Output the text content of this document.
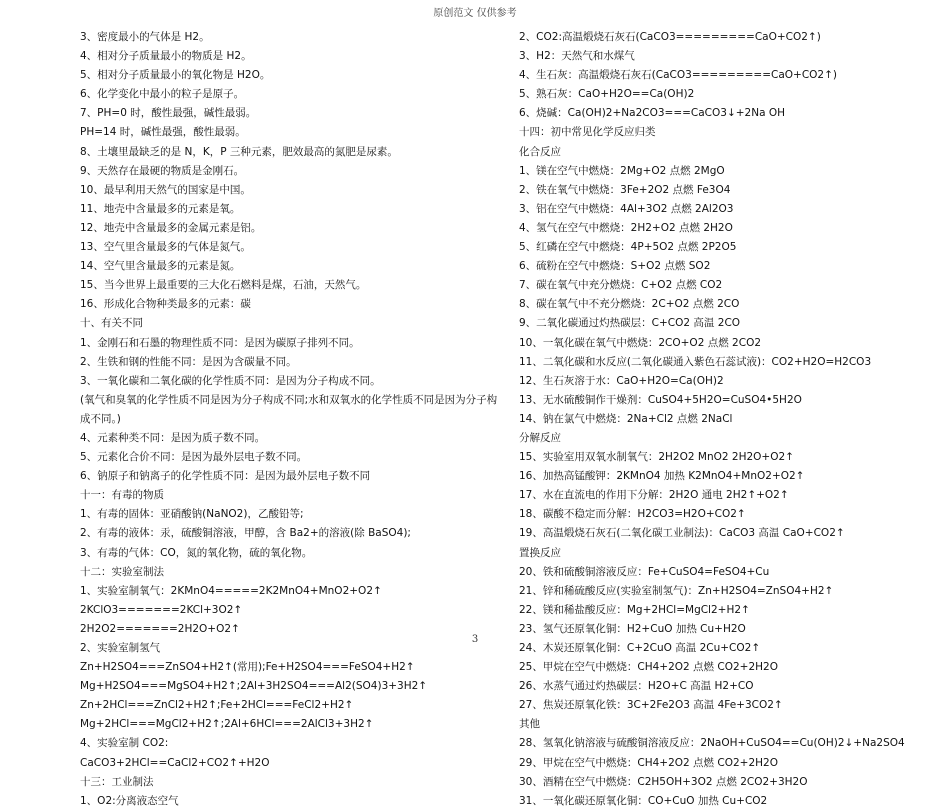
原创范文 仅供参考
3、密度最小的气体是 H2。
4、相对分子质量最小的物质是 H2。
5、相对分子质量最小的氧化物是 H2O。
6、化学变化中最小的粒子是原子。
7、PH=0 时，酸性最强，碱性最弱。
PH=14 时，碱性最强，酸性最弱。
8、土壤里最缺乏的是 N，K，P 三种元素，肥效最高的氮肥是尿素。
9、天然存在最硬的物质是金刚石。
10、最早利用天然气的国家是中国。
11、地壳中含量最多的元素是氧。
12、地壳中含量最多的金属元素是铝。
13、空气里含量最多的气体是氮气。
14、空气里含量最多的元素是氮。
15、当今世界上最重要的三大化石燃料是煤，石油，天然气。
16、形成化合物种类最多的元素：碳
十、有关不同
1、金刚石和石墨的物理性质不同：是因为碳原子排列不同。
2、生铁和钢的性能不同：是因为含碳量不同。
3、一氧化碳和二氧化碳的化学性质不同：是因为分子构成不同。
(氧气和臭氧的化学性质不同是因为分子构成不同;水和双氧水的化学性质不同是因为分子构成不同。)
4、元素种类不同：是因为质子数不同。
5、元素化合价不同：是因为最外层电子数不同。
6、钠原子和钠离子的化学性质不同：是因为最外层电子数不同
十一：有毒的物质
1、有毒的固体：亚硝酸钠(NaNO2)，乙酸铅等;
2、有毒的液体：汞，硫酸铜溶液，甲醇，含 Ba2+的溶液(除 BaSO4);
3、有毒的气体：CO，氮的氧化物，硫的氧化物。
十二：实验室制法
1、实验室制氧气：2KMnO4=====2K2MnO4+MnO2+O2↑
2KClO3=======2KCl+3O2↑
2H2O2=======2H2O+O2↑
2、实验室制氢气
Zn+H2SO4===ZnSO4+H2↑(常用);Fe+H2SO4===FeSO4+H2↑
Mg+H2SO4===MgSO4+H2↑;2Al+3H2SO4===Al2(SO4)3+3H2↑
Zn+2HCl===ZnCl2+H2↑;Fe+2HCl===FeCl2+H2↑
Mg+2HCl===MgCl2+H2↑;2Al+6HCl===2AlCl3+3H2↑
4、实验室制 CO2:
CaCO3+2HCl==CaCl2+CO2↑+H2O
十三：工业制法
1、O2:分离液态空气
2、CO2:高温煅烧石灰石(CaCO3=========CaO+CO2↑)
3、H2：天然气和水煤气
4、生石灰：高温煅烧石灰石(CaCO3=========CaO+CO2↑)
5、熟石灰：CaO+H2O==Ca(OH)2
6、烧碱：Ca(OH)2+Na2CO3===CaCO3↓+2Na OH
十四：初中常见化学反应归类
化合反应
1、镁在空气中燃烧：2Mg+O2 点燃 2MgO
2、铁在氧气中燃烧：3Fe+2O2 点燃 Fe3O4
3、铝在空气中燃烧：4Al+3O2 点燃 2Al2O3
4、氢气在空气中燃烧：2H2+O2 点燃 2H2O
5、红磷在空气中燃烧：4P+5O2 点燃 2P2O5
6、硫粉在空气中燃烧：S+O2 点燃 SO2
7、碳在氧气中充分燃烧：C+O2 点燃 CO2
8、碳在氧气中不充分燃烧：2C+O2 点燃 2CO
9、二氧化碳通过灼热碳层：C+CO2 高温 2CO
10、一氧化碳在氧气中燃烧：2CO+O2 点燃 2CO2
11、二氧化碳和水反应(二氧化碳通入紫色石蕊试液)：CO2+H2O=H2CO3
12、生石灰溶于水：CaO+H2O=Ca(OH)2
13、无水硫酸铜作干燥剂：CuSO4+5H2O=CuSO4•5H2O
14、钠在氯气中燃烧：2Na+Cl2 点燃 2NaCl
分解反应
15、实验室用双氧水制氧气：2H2O2 MnO2 2H2O+O2↑
16、加热高锰酸钾：2KMnO4 加热 K2MnO4+MnO2+O2↑
17、水在直流电的作用下分解：2H2O 通电 2H2↑+O2↑
18、碳酸不稳定而分解：H2CO3=H2O+CO2↑
19、高温煅烧石灰石(二氧化碳工业制法)：CaCO3 高温 CaO+CO2↑
置换反应
20、铁和硫酸铜溶液反应：Fe+CuSO4=FeSO4+Cu
21、锌和稀硫酸反应(实验室制氢气)：Zn+H2SO4=ZnSO4+H2↑
22、镁和稀盐酸反应：Mg+2HCl=MgCl2+H2↑
23、氢气还原氧化铜：H2+CuO 加热 Cu+H2O
24、木炭还原氧化铜：C+2CuO 高温 2Cu+CO2↑
25、甲烷在空气中燃烧：CH4+2O2 点燃 CO2+2H2O
26、水蒸气通过灼热碳层：H2O+C 高温 H2+CO
27、焦炭还原氧化铁：3C+2Fe2O3 高温 4Fe+3CO2↑
其他
28、氢氧化钠溶液与硫酸铜溶液反应：2NaOH+CuSO4==Cu(OH)2↓+Na2SO4
29、甲烷在空气中燃烧：CH4+2O2 点燃 CO2+2H2O
30、酒精在空气中燃烧：C2H5OH+3O2 点燃 2CO2+3H2O
31、一氧化碳还原氧化铜：CO+CuO 加热 Cu+CO2
3
